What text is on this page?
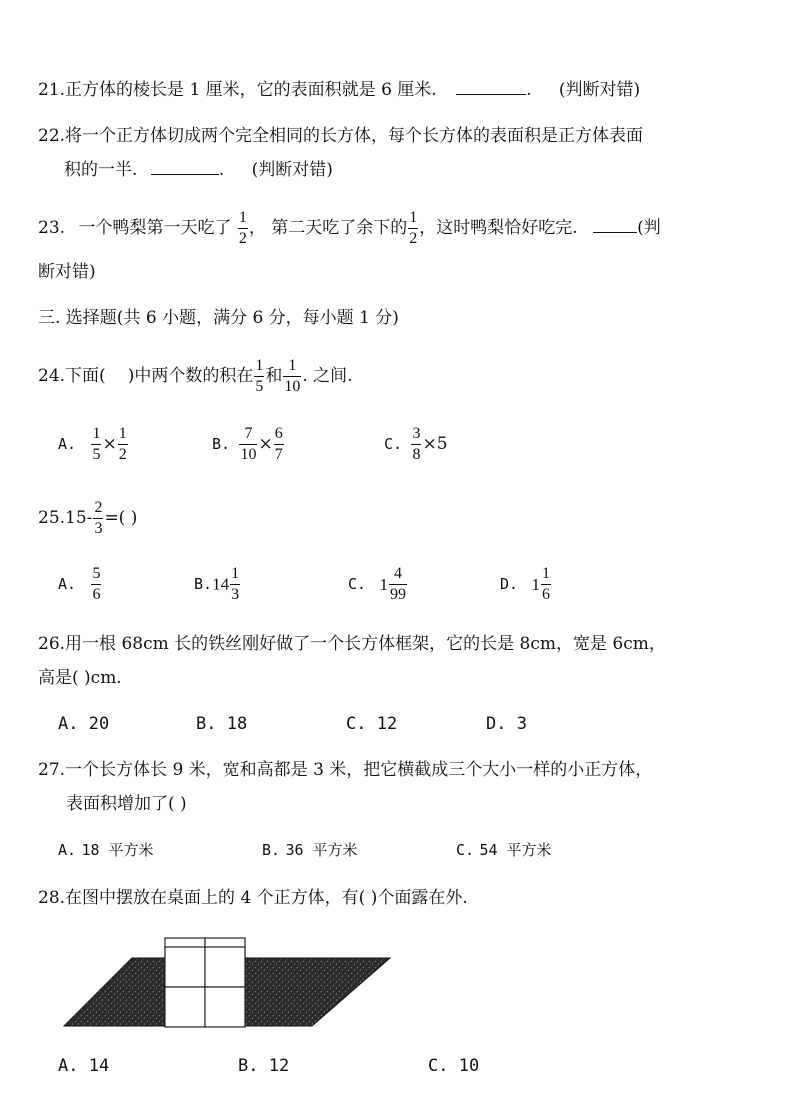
21.正方体的棱长是 1 厘米，它的表面积就是 6 厘米.	. (判断对错)
22.将一个正方体切成两个完全相同的长方体，每个长方体的表面积是正方体表面
积的一半.	. (判断对错)
23. 一个鸭梨第一天吃了 $\frac{1}{2}$ ， 第二天吃了余下的 $\frac{1}{2}$ ，这时鸭梨恰好吃完.	(判
断对错)
三. 选择题(共 6 小题，满分 6 分，每小题 1 分)
24.下面( )中两个数的积在 $\frac{1}{5}$ 和 $\frac{1}{10}$ . 之间.
A. $\frac{1}{5} \times \frac{1}{2}$	B. $\frac{7}{10} \times \frac{6}{7}$	C. $\frac{3}{8} \times 5$
$25.15- \frac{2}{3}$ =( )
A. $\frac{5}{6}$	$B.14 \frac{1}{3}$	C. $1 \frac{4}{99}$	D. $1 \frac{1}{6}$
26.用一根 68cm 长的铁丝刚好做了一个长方体框架，它的长是 8cm，宽是 6cm，
高是( )cm.
A. 20	B. 18	C. 12	D. 3
27.一个长方体长 9 米，宽和高都是 3 米，把它横截成三个大小一样的小正方体，
表面积增加了( )
A. 18 平方米	B. 36 平方米	C. 54 平方米
28.在图中摆放在桌面上的 4 个正方体，有( )个面露在外.
A. 14	B. 12	C. 10
